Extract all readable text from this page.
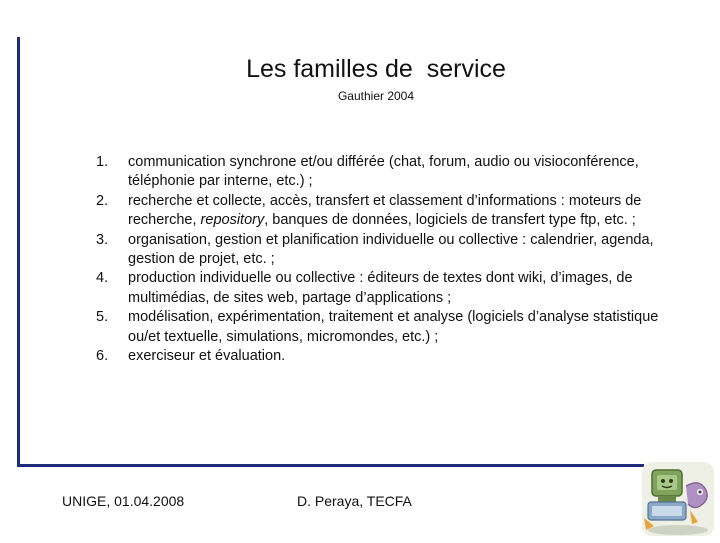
Les familles de  service
Gauthier 2004
1.	communication synchrone et/ou différée (chat, forum, audio ou visioconférence, téléphonie par interne, etc.) ;
2.	recherche et collecte, accès, transfert et classement d’informations : moteurs de recherche, repository, banques de données, logiciels de transfert type ftp, etc. ;
3.	organisation, gestion et planification individuelle ou collective : calendrier, agenda, gestion de projet, etc. ;
4.	production individuelle ou collective : éditeurs de textes dont wiki, d’images, de multimédias, de sites web, partage d’applications ;
5.	modélisation, expérimentation, traitement et analyse (logiciels d’analyse statistique ou/et textuelle, simulations, micromondes, etc.) ;
6.	exerciseur et évaluation.
UNIGE, 01.04.2008	D. Peraya, TECFA
